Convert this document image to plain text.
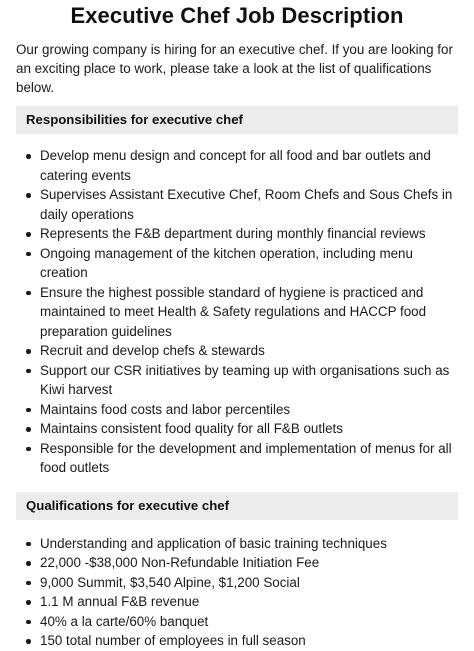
Executive Chef Job Description

Our growing company is hiring for an executive chef. If you are looking for an exciting place to work, please take a look at the list of qualifications below.

Responsibilities for executive chef
Develop menu design and concept for all food and bar outlets and catering events
Supervises Assistant Executive Chef, Room Chefs and Sous Chefs in daily operations
Represents the F&B department during monthly financial reviews
Ongoing management of the kitchen operation, including menu creation
Ensure the highest possible standard of hygiene is practiced and maintained to meet Health & Safety regulations and HACCP food preparation guidelines
Recruit and develop chefs & stewards
Support our CSR initiatives by teaming up with organisations such as Kiwi harvest
Maintains food costs and labor percentiles
Maintains consistent food quality for all F&B outlets
Responsible for the development and implementation of menus for all food outlets
Qualifications for executive chef
Understanding and application of basic training techniques
22,000 -$38,000 Non-Refundable Initiation Fee
9,000 Summit, $3,540 Alpine, $1,200 Social
1.1 M annual F&B revenue
40% a la carte/60% banquet
150 total number of employees in full season
